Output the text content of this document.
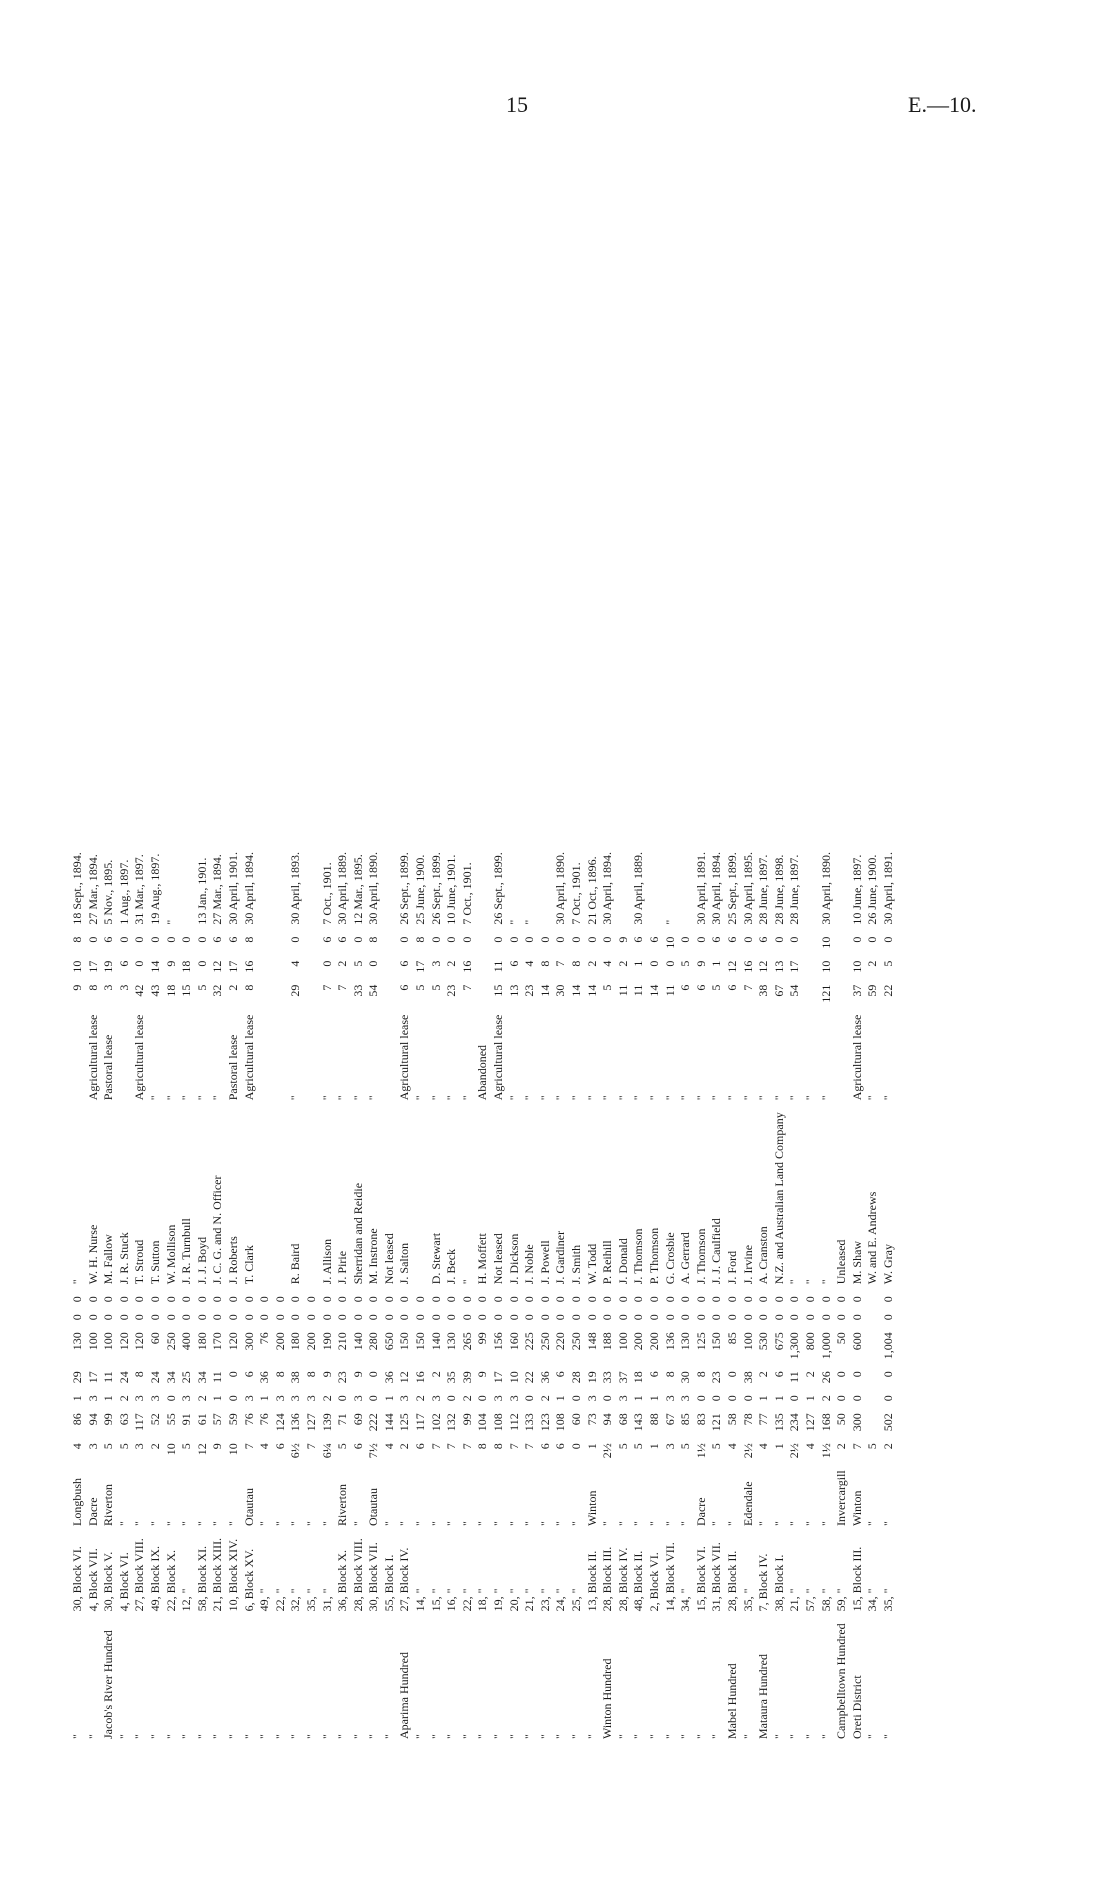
15	E.—10.
"	30, Block VI.	Longbush	4	86	1	29	130	0	0	"		9	10	8	18 Sept., 1894.
"	4, Block VII.	Dacre	3	94	3	17	100	0	0	W. H. Nurse	Agricultural lease	8	17	0	27 Mar., 1894.
Jacob's River Hundred	30, Block V.	Riverton	5	99	1	11	100	0	0	M. Fallow	Pastoral lease	3	19	6	5 Nov., 1895.
"	4, Block VI.	"	5	63	2	24	120	0	0	J. R. Stuck		3	6	0	1 Aug., 1897.
"	27, Block VIII.	"	3	117	3	8	120	0	0	T. Stroud	Agricultural lease	42	0	0	31 Mar., 1897.
"	49, Block IX.	"	2	52	3	24	60	0	0	T. Sutton	"	43	14	0	19 Aug., 1897.
"	22, Block X.	"	10	55	0	34	250	0	0	W. Mollison	"	18	9	0	"
"	12, "	"	5	91	3	25	400	0	0	J. R. Turnbull	"	15	18	0	
"	58, Block XI.	"	12	61	2	34	180	0	0	J. J. Boyd	"	5	0	0	13 Jan., 1901.
"	21, Block XIII.	"	9	57	1	11	170	0	0	J. C. G. and N. Officer	"	32	12	6	27 Mar., 1894.
"	10, Block XIV.	"	10	59	0	0	120	0	0	J. Roberts	Pastoral lease	2	17	6	30 April, 1901.
"	6, Block XV.	Otautau	7	76	3	6	300	0	0	T. Clark	Agricultural lease	8	16	8	30 April, 1894.
"	49, "	"	4	76	1	36	76	0	0						
"	22, "	"	6	124	3	8	200	0	0						
"	32, "	"	6½	136	3	38	180	0	0	R. Baird	"	29	4	0	30 April, 1893.
"	35, "	"	7	127	3	8	200	0	0						
"	31, "	"	6¼	139	2	9	190	0	0	J. Allison	"	7	0	6	7 Oct., 1901.
"	36, Block X.	Riverton	5	71	0	23	210	0	0	J. Pirie	"	7	2	6	30 April, 1889.
"	28, Block VIII.	"	6	69	3	9	140	0	0	Sherridan and Reidie	"	33	5	0	12 Mar., 1895.
"	30, Block VII.	Otautau	7½	222	0	0	280	0	0	M. Instrone	"	54	0	8	30 April, 1890.
"	55, Block I.	"	4	144	1	36	650	0	0	Not leased					
Aparima Hundred	27, Block IV.	"	2	125	3	12	150	0	0	J. Salton	Agricultural lease	6	6	0	26 Sept., 1899.
"	14, "	"	6	117	2	16	150	0	0		"	5	17	8	25 June, 1900.
"	15, "	"	7	102	3	2	140	0	0	D. Stewart	"	5	3	0	26 Sept., 1899.
"	16, "	"	7	132	0	35	130	0	0	J. Beck	"	23	2	0	10 June, 1901.
"	22, "	"	7	99	2	39	265	0	0	"	"	7	16	0	7 Oct., 1901.
"	18, "	"	8	104	0	9	99	0	0	H. Moffett	Abandoned				
"	19, "	"	8	108	3	17	156	0	0	Not leased	Agricultural lease	15	11	0	26 Sept., 1899.
"	20, "	"	7	112	3	10	160	0	0	J. Dickson	"	13	6	0	"
"	21, "	"	7	133	0	22	225	0	0	J. Noble	"	23	4	0	"
"	23, "	"	6	123	2	36	250	0	0	J. Powell	"	14	8	0	
"	24, "	"	6	108	1	6	220	0	0	J. Gardiner	"	30	7	0	30 April, 1890.
"	25, "	"	0	60	0	28	250	0	0	J. Smith	"	14	8	0	7 Oct., 1901.
"	13, Block II.	Winton	1	73	3	19	148	0	0	W. Todd	"	14	2	0	21 Oct., 1896.
Winton Hundred	28, Block III.	"	2½	94	0	33	188	0	0	P. Reihill	"	5	4	0	30 April, 1894.
"	28, Block IV.	"	5	68	3	37	100	0	0	J. Donald	"	11	2	9	
"	48, Block II.	"	5	143	1	18	200	0	0	J. Thomson	"	11	1	6	30 April, 1889.
"	2, Block VI.	"	1	88	1	6	200	0	0	P. Thomson	"	14	0	6	
"	14, Block VII.	"	3	67	3	8	136	0	0	G. Crosbie	"	11	0	10	"
"	34, "	"	5	85	3	30	130	0	0	A. Gerrard	"	6	5	0	
"	15, Block VI.	Dacre	1½	83	0	8	125	0	0	J. Thomson	"	6	9	0	30 April, 1891.
"	31, Block VII.	"	5	121	0	23	150	0	0	J. J. Caulfield	"	5	1	6	30 April, 1894.
Mabel Hundred	28, Block II.	"	4	58	0	0	85	0	0	J. Ford	"	6	12	6	25 Sept., 1899.
"	35, "	Edendale	2½	78	0	38	100	0	0	J. Irvine	"	7	16	0	30 April, 1895.
Mataura Hundred	7, Block IV.	"	4	77	1	2	530	0	0	A. Cranston	"	38	12	6	28 June, 1897.
"	38, Block I.	"	1	135	1	6	675	0	0	N.Z. and Australian Land Company	"	67	13	0	28 June, 1898.
"	21, "	"	2½	234	0	11	1,300	0	0	"	"	54	17	0	28 June, 1897.
"	57, "	"	4	127	1	2	800	0	0	"	"				
"	58, "	"	1½	168	2	26	1,000	0	0	"	"	121	10	10	30 April, 1890.
Campbelltown Hundred	59, "	Invercargill	2	50	0	0	50	0	0	Unleased					
Oreti District	15, Block III.	Winton	7	300	0	0	600	0	0	M. Shaw	Agricultural lease	37	10	0	10 June, 1897.
"	34, "	"	5							W. and E. Andrews	"	59	2	0	26 June, 1900.
"	35, "	"	2	502	0	0	1,004	0	0	W. Gray	"	22	5	0	30 April, 1891.
